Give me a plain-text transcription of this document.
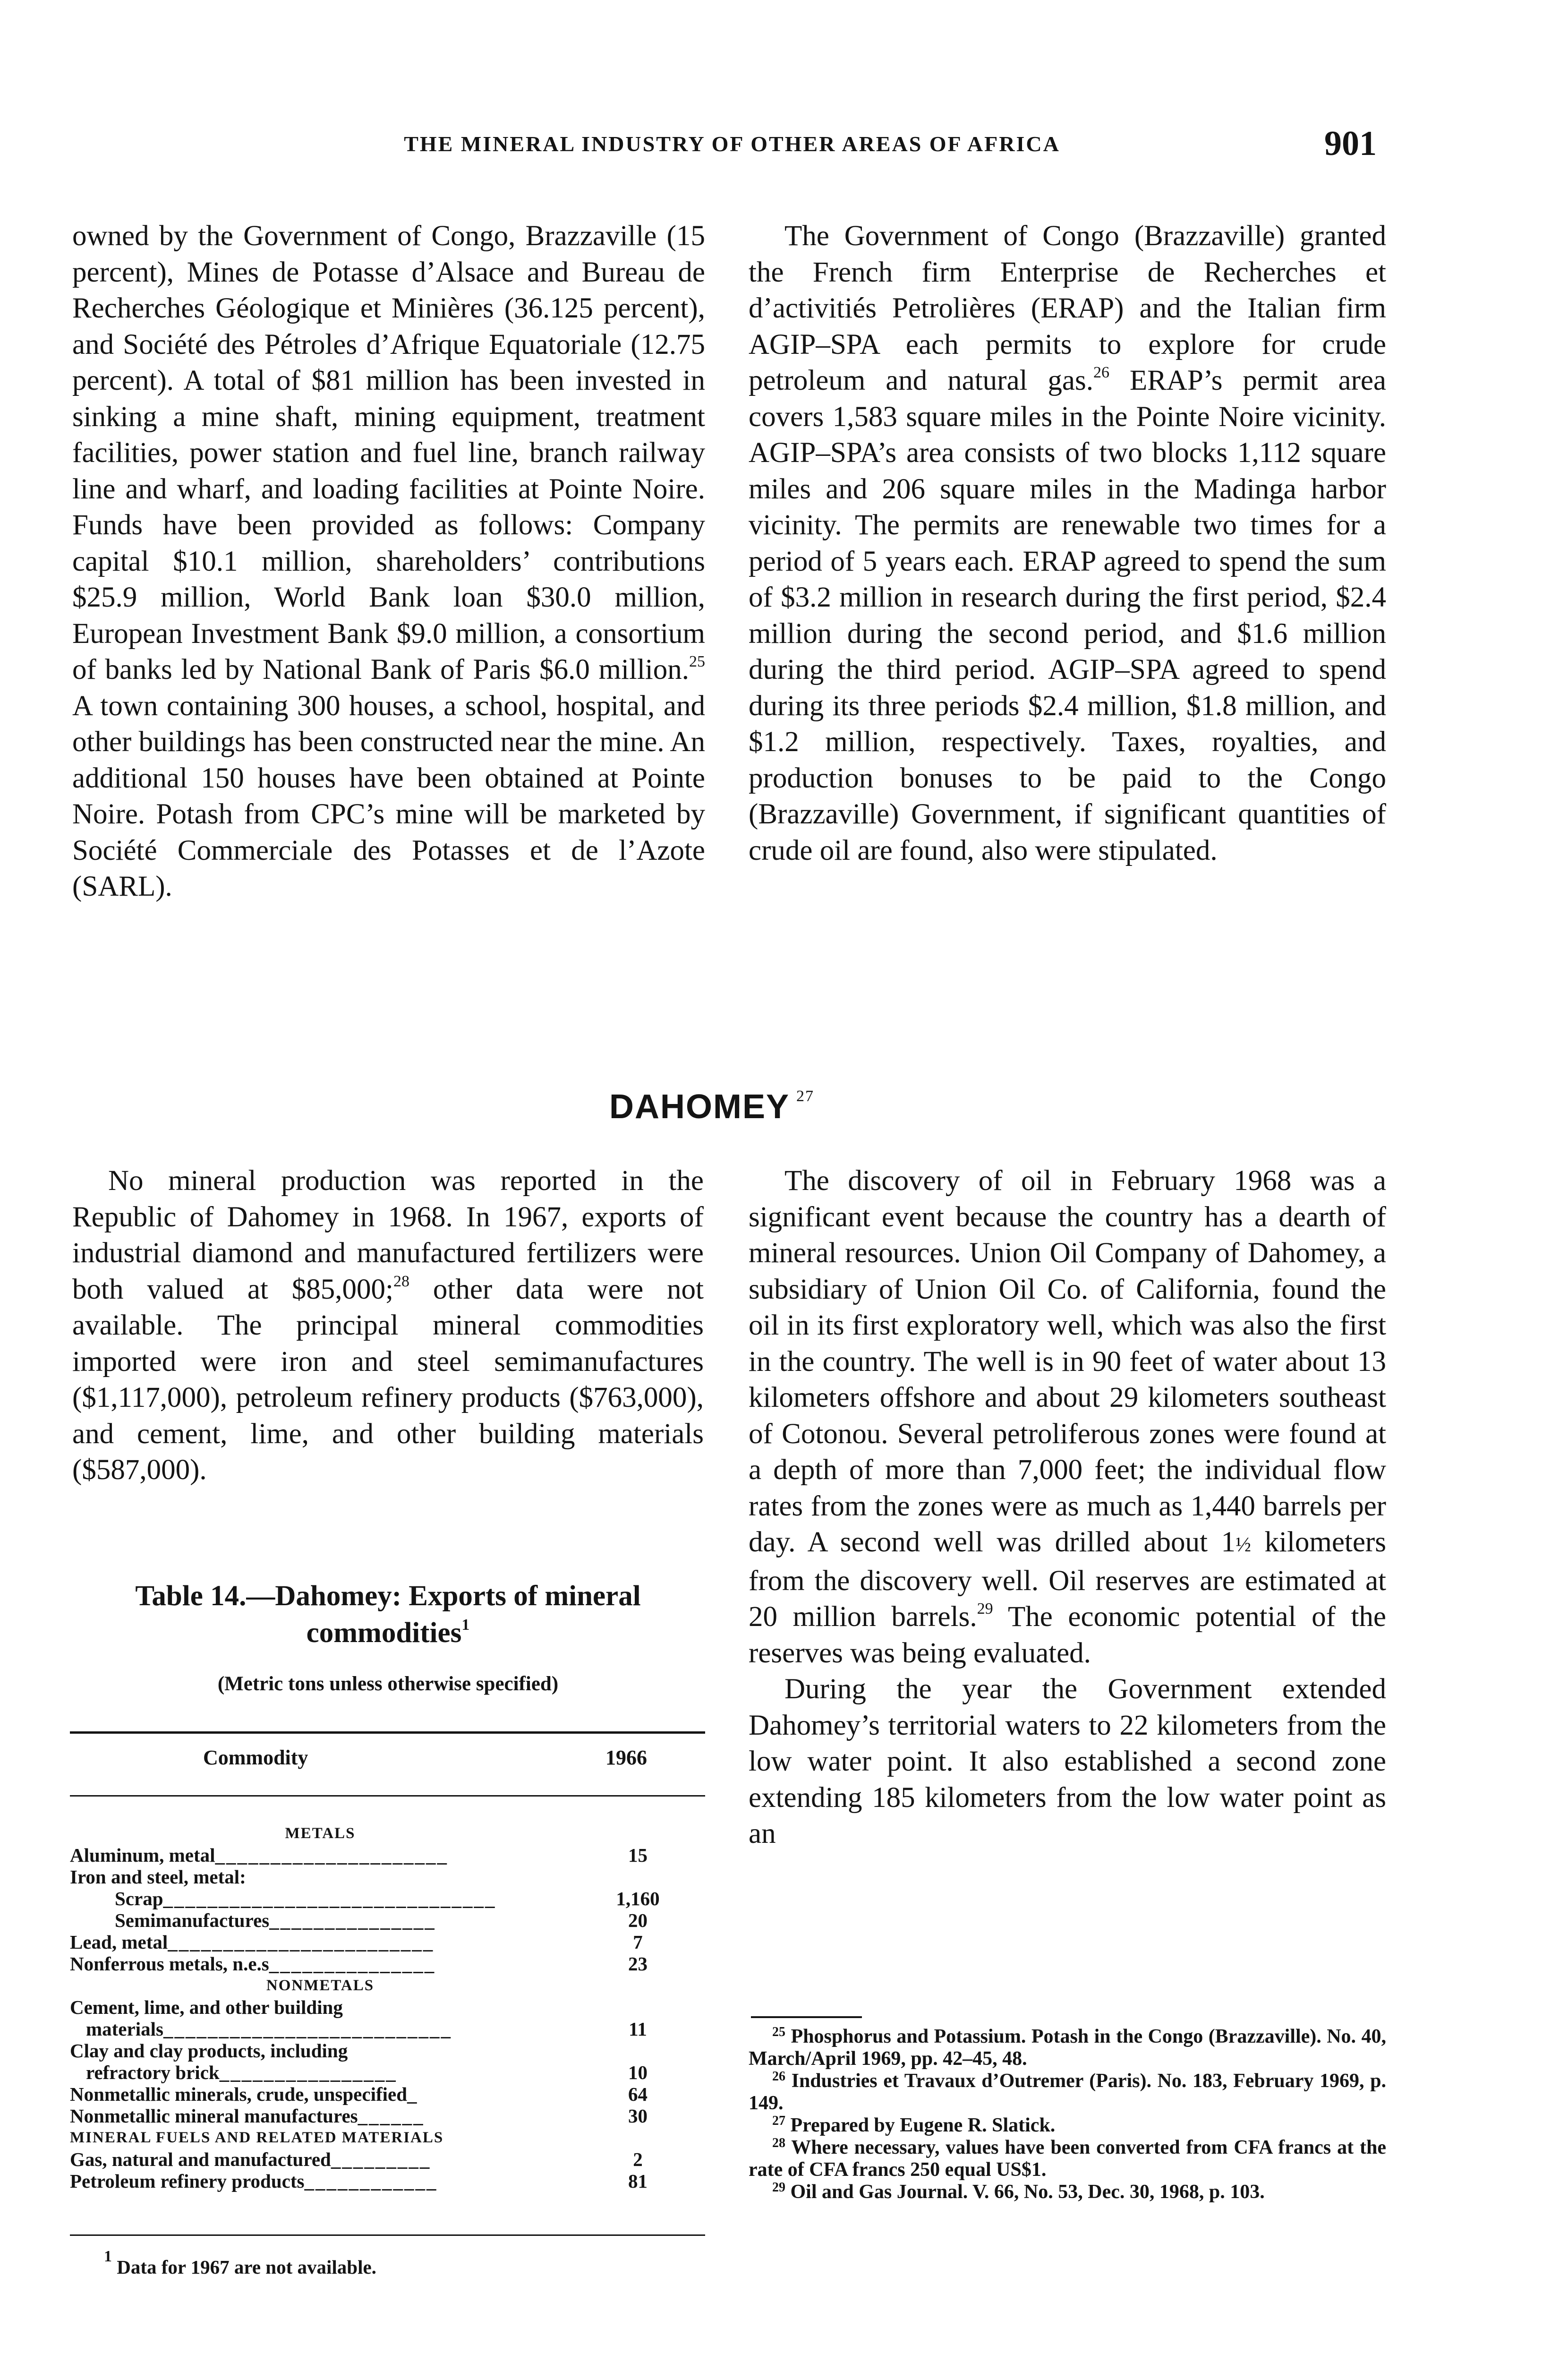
THE MINERAL INDUSTRY OF OTHER AREAS OF AFRICA	901

owned by the Government of Congo, Brazzaville (15 percent), Mines de Potasse d’Alsace and Bureau de Recherches Géologique et Minières (36.125 percent), and Société des Pétroles d’Afrique Equatoriale (12.75 percent). A total of $81 million has been invested in sinking a mine shaft, mining equipment, treatment facilities, power station and fuel line, branch railway line and wharf, and loading facilities at Pointe Noire. Funds have been provided as follows: Company capital $10.1 million, shareholders’ contributions $25.9 million, World Bank loan $30.0 million, European Investment Bank $9.0 million, a consortium of banks led by National Bank of Paris $6.0 million.$^{25}$ A town containing 300 houses, a school, hospital, and other buildings has been constructed near the mine. An additional 150 houses have been obtained at Pointe Noire. Potash from CPC’s mine will be marketed by Société Commerciale des Potasses et de l’Azote (SARL).

The Government of Congo (Brazzaville) granted the French firm Enterprise de Recherches et d’activitiés Petrolières (ERAP) and the Italian firm AGIP–SPA each permits to explore for crude petroleum and natural gas.$^{26}$ ERAP’s permit area covers 1,583 square miles in the Pointe Noire vicinity. AGIP–SPA’s area consists of two blocks 1,112 square miles and 206 square miles in the Madinga harbor vicinity. The permits are renewable two times for a period of 5 years each. ERAP agreed to spend the sum of $3.2 million in research during the first period, $2.4 million during the second period, and $1.6 million during the third period. AGIP–SPA agreed to spend during its three periods $2.4 million, $1.8 million, and $1.2 million, respectively. Taxes, royalties, and production bonuses to be paid to the Congo (Brazzaville) Government, if significant quantities of crude oil are found, also were stipulated.

DAHOMEY $^{27}$

No mineral production was reported in the Republic of Dahomey in 1968. In 1967, exports of industrial diamond and manufactured fertilizers were both valued at $85,000;$^{28}$ other data were not available. The principal mineral commodities imported were iron and steel semimanufactures ($1,117,000), petroleum refinery products ($763,000), and cement, lime, and other building materials ($587,000).

The discovery of oil in February 1968 was a significant event because the country has a dearth of mineral resources. Union Oil Company of Dahomey, a subsidiary of Union Oil Co. of California, found the oil in its first exploratory well, which was also the first in the country. The well is in 90 feet of water about 13 kilometers offshore and about 29 kilometers southeast of Cotonou. Several petroliferous zones were found at a depth of more than 7,000 feet; the individual flow rates from the zones were as much as 1,440 barrels per day. A second well was drilled about 1½ kilometers from the discovery well. Oil reserves are estimated at 20 million barrels.$^{29}$ The economic potential of the reserves was being evaluated.

During the year the Government extended Dahomey’s territorial waters to 22 kilometers from the low water point. It also established a second zone extending 185 kilometers from the low water point as an

Table 14.—Dahomey: Exports of mineral commodities$^1$
(Metric tons unless otherwise specified)
Commodity	1966
METALS
Aluminum, metal_____________________	15
Iron and steel, metal:
Scrap______________________________	1,160
Semimanufactures_______________	20
Lead, metal________________________	7
Nonferrous metals, n.e.s_______________	23
NONMETALS
Cement, lime, and other building
materials__________________________	11
Clay and clay products, including
refractory brick________________	10
Nonmetallic minerals, crude, unspecified_	64
Nonmetallic mineral manufactures______	30
MINERAL FUELS AND RELATED MATERIALS
Gas, natural and manufactured_________	2
Petroleum refinery products____________	81
$^1$ Data for 1967 are not available.

$^{25}$ Phosphorus and Potassium. Potash in the Congo (Brazzaville). No. 40, March/April 1969, pp. 42–45, 48.

$^{26}$ Industries et Travaux d’Outremer (Paris). No. 183, February 1969, p. 149.

$^{27}$ Prepared by Eugene R. Slatick.

$^{28}$ Where necessary, values have been converted from CFA francs at the rate of CFA francs 250 equal US$1.

$^{29}$ Oil and Gas Journal. V. 66, No. 53, Dec. 30, 1968, p. 103.
